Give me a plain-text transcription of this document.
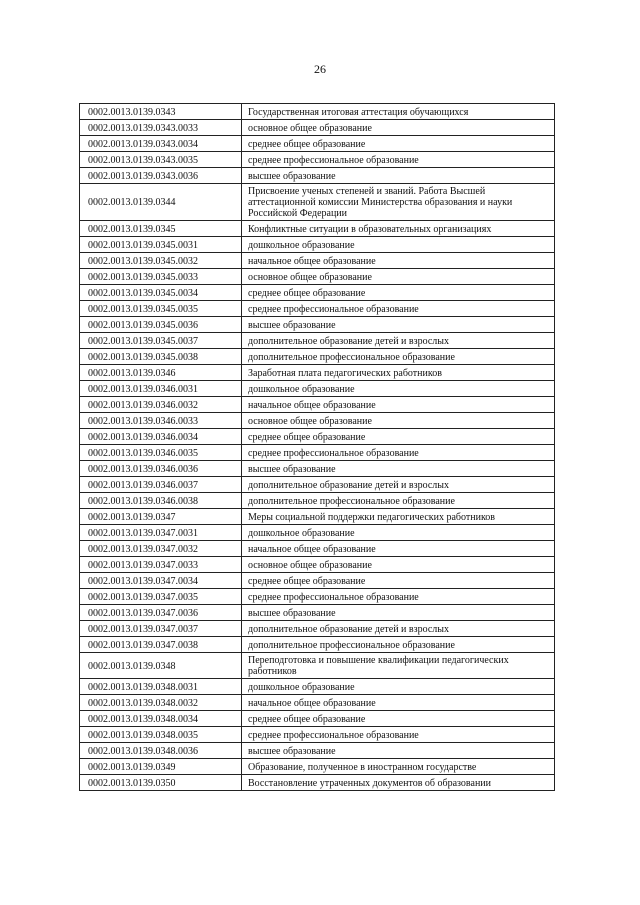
26
0002.0013.0139.0343	Государственная итоговая аттестация обучающихся
0002.0013.0139.0343.0033	основное общее образование
0002.0013.0139.0343.0034	среднее общее образование
0002.0013.0139.0343.0035	среднее профессиональное образование
0002.0013.0139.0343.0036	высшее образование
0002.0013.0139.0344	Присвоение ученых степеней и званий. Работа Высшей аттестационной комиссии Министерства образования и науки Российской Федерации
0002.0013.0139.0345	Конфликтные ситуации в образовательных организациях
0002.0013.0139.0345.0031	дошкольное образование
0002.0013.0139.0345.0032	начальное общее образование
0002.0013.0139.0345.0033	основное общее образование
0002.0013.0139.0345.0034	среднее общее образование
0002.0013.0139.0345.0035	среднее профессиональное образование
0002.0013.0139.0345.0036	высшее образование
0002.0013.0139.0345.0037	дополнительное образование детей и взрослых
0002.0013.0139.0345.0038	дополнительное профессиональное образование
0002.0013.0139.0346	Заработная плата педагогических работников
0002.0013.0139.0346.0031	дошкольное образование
0002.0013.0139.0346.0032	начальное общее образование
0002.0013.0139.0346.0033	основное общее образование
0002.0013.0139.0346.0034	среднее общее образование
0002.0013.0139.0346.0035	среднее профессиональное образование
0002.0013.0139.0346.0036	высшее образование
0002.0013.0139.0346.0037	дополнительное образование детей и взрослых
0002.0013.0139.0346.0038	дополнительное профессиональное образование
0002.0013.0139.0347	Меры социальной поддержки педагогических работников
0002.0013.0139.0347.0031	дошкольное образование
0002.0013.0139.0347.0032	начальное общее образование
0002.0013.0139.0347.0033	основное общее образование
0002.0013.0139.0347.0034	среднее общее образование
0002.0013.0139.0347.0035	среднее профессиональное образование
0002.0013.0139.0347.0036	высшее образование
0002.0013.0139.0347.0037	дополнительное образование детей и взрослых
0002.0013.0139.0347.0038	дополнительное профессиональное образование
0002.0013.0139.0348	Переподготовка и повышение квалификации педагогических работников
0002.0013.0139.0348.0031	дошкольное образование
0002.0013.0139.0348.0032	начальное общее образование
0002.0013.0139.0348.0034	среднее общее образование
0002.0013.0139.0348.0035	среднее профессиональное образование
0002.0013.0139.0348.0036	высшее образование
0002.0013.0139.0349	Образование, полученное в иностранном государстве
0002.0013.0139.0350	Восстановление утраченных документов об образовании
